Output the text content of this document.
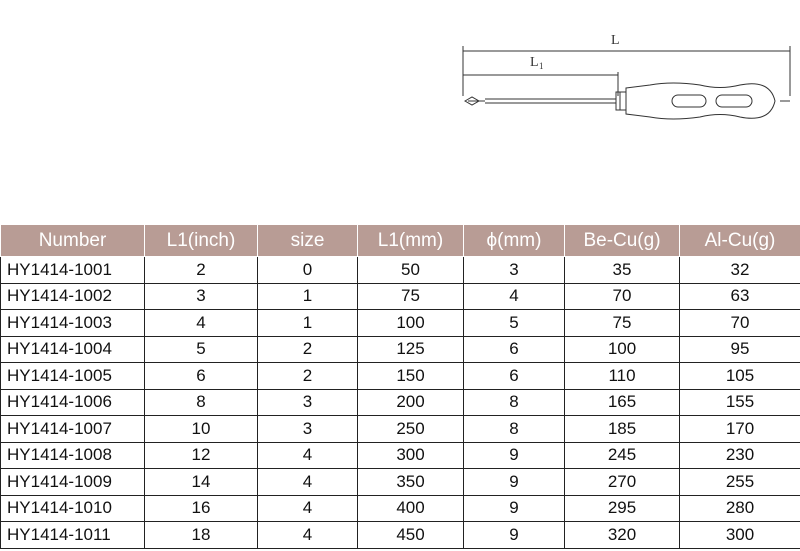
L
L 1
Number	L1(inch)	size	L1(mm)	ϕ(mm)	Be-Cu(g)	Al-Cu(g)
HY1414-1001	2	0	50	3	35	32
HY1414-1002	3	1	75	4	70	63
HY1414-1003	4	1	100	5	75	70
HY1414-1004	5	2	125	6	100	95
HY1414-1005	6	2	150	6	110	105
HY1414-1006	8	3	200	8	165	155
HY1414-1007	10	3	250	8	185	170
HY1414-1008	12	4	300	9	245	230
HY1414-1009	14	4	350	9	270	255
HY1414-1010	16	4	400	9	295	280
HY1414-1011	18	4	450	9	320	300
